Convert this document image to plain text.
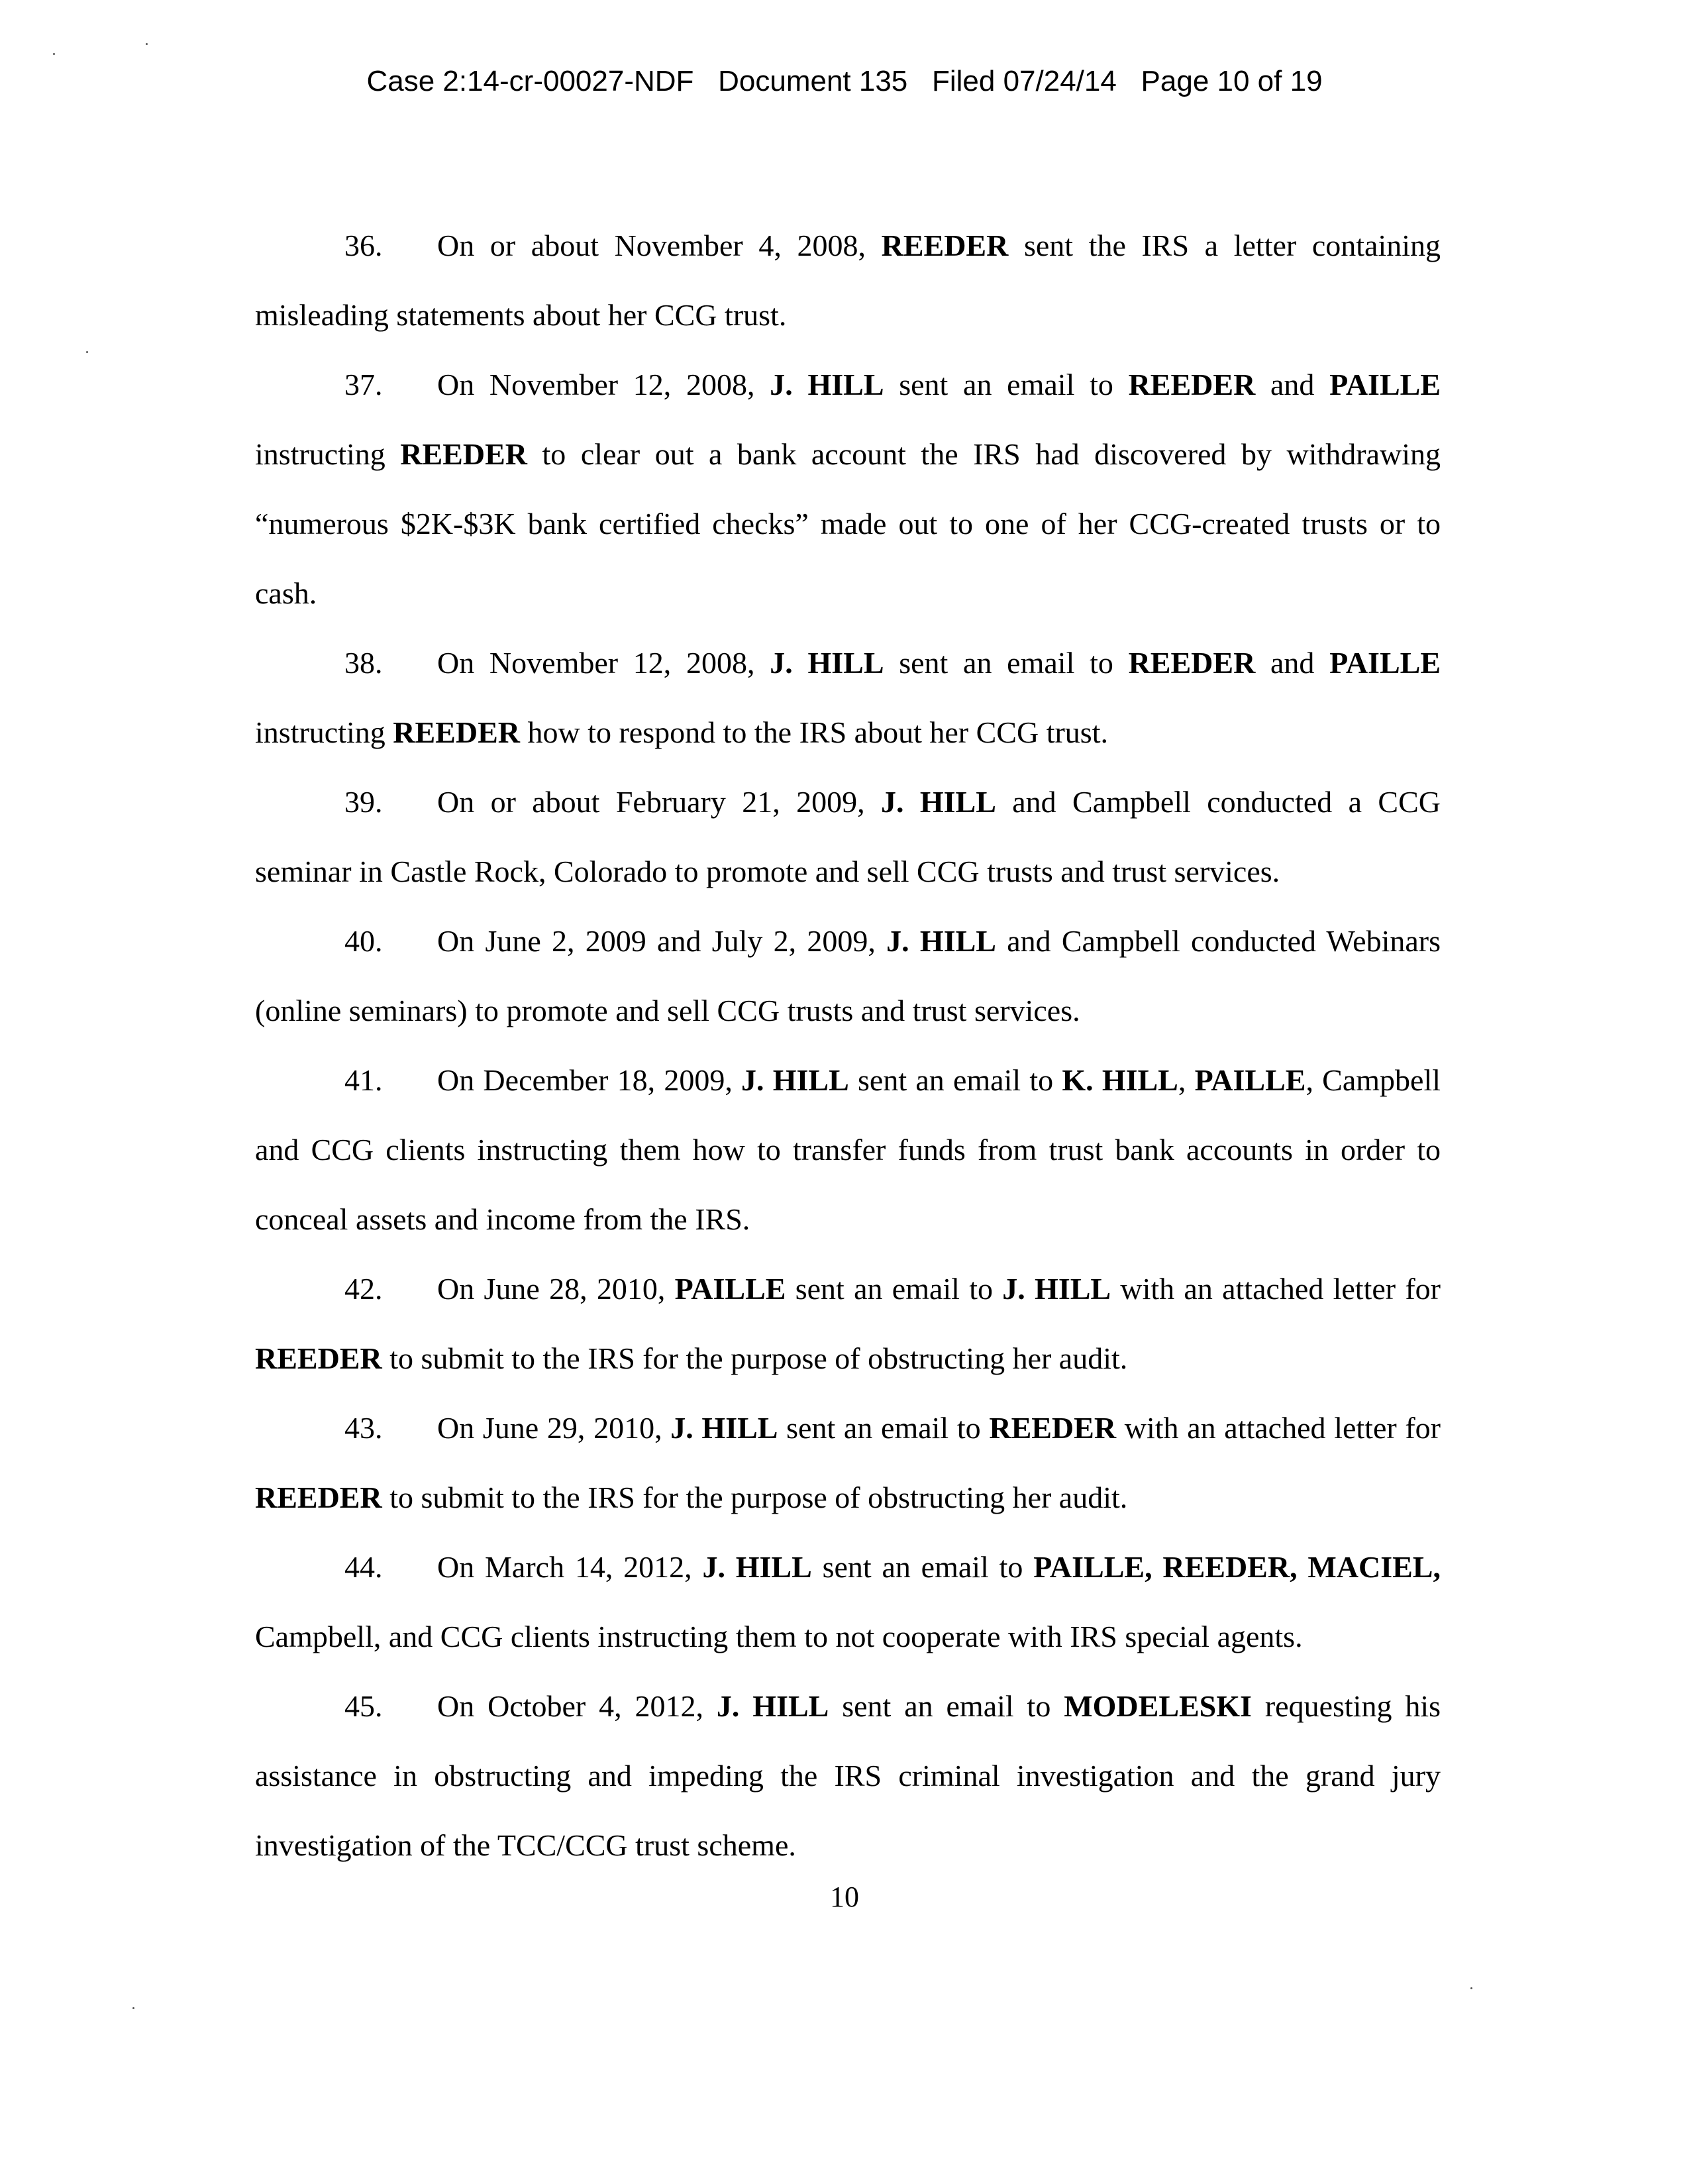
Case 2:14-cr-00027-NDF Document 135 Filed 07/24/14 Page 10 of 19

36. On or about November 4, 2008, REEDER sent the IRS a letter containing misleading statements about her CCG trust.

37. On November 12, 2008, J. HILL sent an email to REEDER and PAILLE instructing REEDER to clear out a bank account the IRS had discovered by withdrawing “numerous $2K-$3K bank certified checks” made out to one of her CCG-created trusts or to cash.

38. On November 12, 2008, J. HILL sent an email to REEDER and PAILLE instructing REEDER how to respond to the IRS about her CCG trust.

39. On or about February 21, 2009, J. HILL and Campbell conducted a CCG seminar in Castle Rock, Colorado to promote and sell CCG trusts and trust services.

40. On June 2, 2009 and July 2, 2009, J. HILL and Campbell conducted Webinars (online seminars) to promote and sell CCG trusts and trust services.

41. On December 18, 2009, J. HILL sent an email to K. HILL, PAILLE, Campbell and CCG clients instructing them how to transfer funds from trust bank accounts in order to conceal assets and income from the IRS.

42. On June 28, 2010, PAILLE sent an email to J. HILL with an attached letter for REEDER to submit to the IRS for the purpose of obstructing her audit.

43. On June 29, 2010, J. HILL sent an email to REEDER with an attached letter for REEDER to submit to the IRS for the purpose of obstructing her audit.

44. On March 14, 2012, J. HILL sent an email to PAILLE, REEDER, MACIEL, Campbell, and CCG clients instructing them to not cooperate with IRS special agents.

45. On October 4, 2012, J. HILL sent an email to MODELESKI requesting his assistance in obstructing and impeding the IRS criminal investigation and the grand jury investigation of the TCC/CCG trust scheme.

10
